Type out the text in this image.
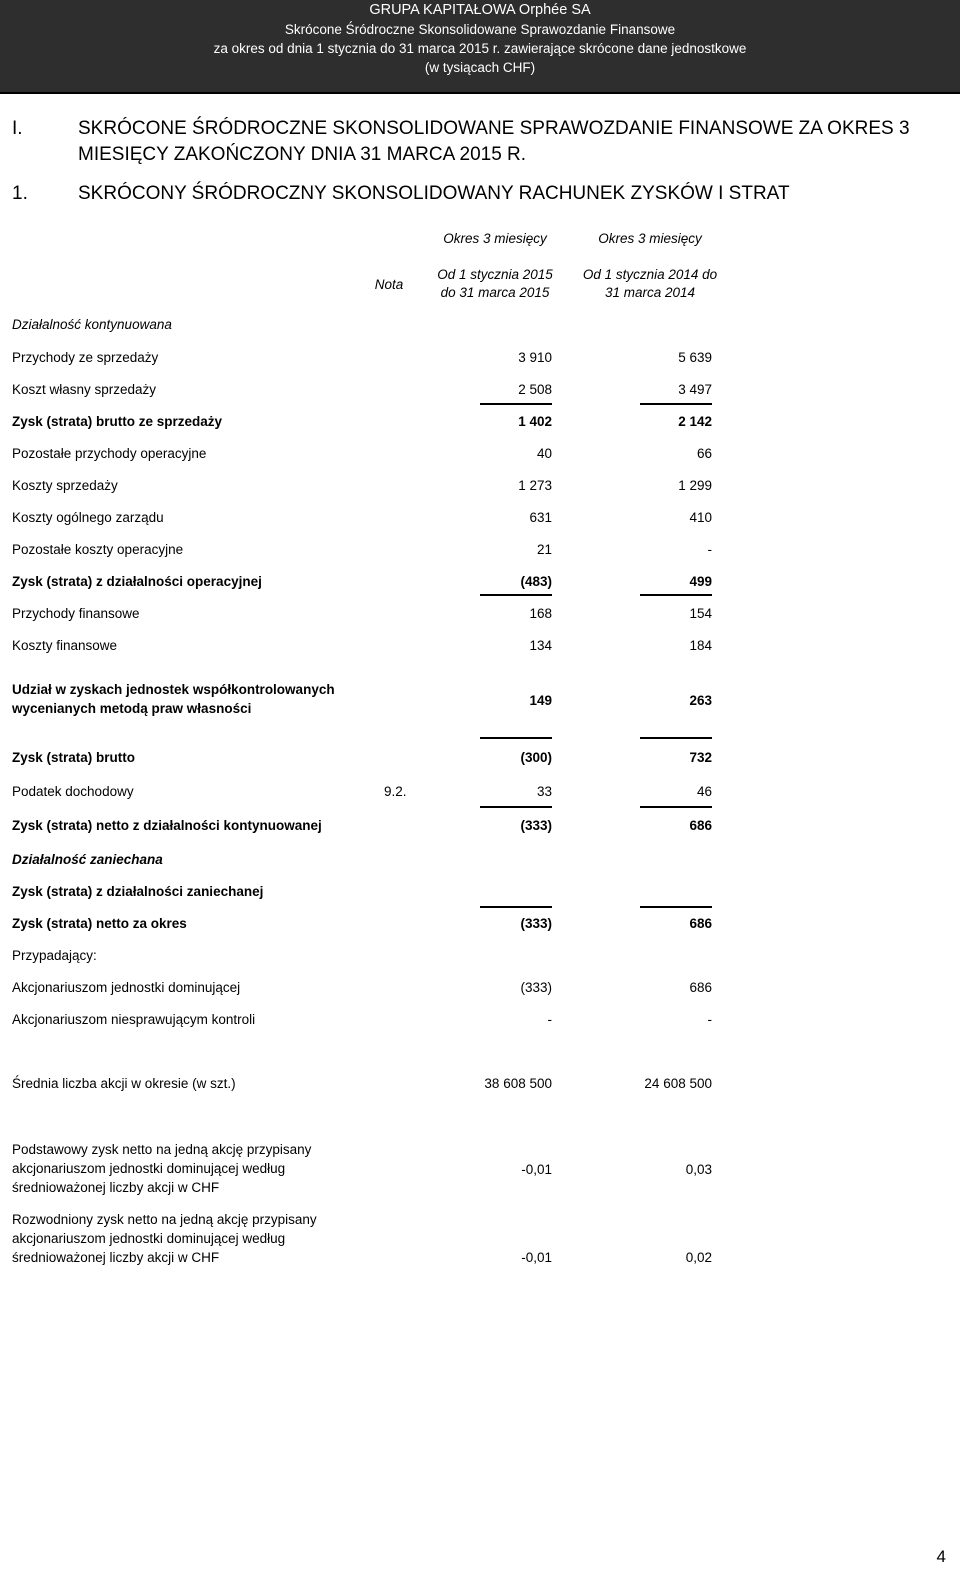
GRUPA KAPITAŁOWA Orphée SA
Skrócone Śródroczne Skonsolidowane Sprawozdanie Finansowe
za okres od dnia 1 stycznia do 31 marca 2015 r. zawierające skrócone dane jednostkowe
(w tysiącach CHF)
I.	SKRÓCONE ŚRÓDROCZNE SKONSOLIDOWANE SPRAWOZDANIE FINANSOWE ZA OKRES 3
MIESIĘCY ZAKOŃCZONY DNIA 31 MARCA 2015 R.
1.	SKRÓCONY ŚRÓDROCZNY SKONSOLIDOWANY RACHUNEK ZYSKÓW I STRAT
Okres 3 miesięcy	Okres 3 miesięcy
Nota
Od 1 stycznia 2015
do 31 marca 2015
Od 1 stycznia 2014 do
31 marca 2014
Działalność kontynuowana
Przychody ze sprzedaży	3 910	5 639
Koszt własny sprzedaży	2 508	3 497
Zysk (strata) brutto ze sprzedaży	1 402	2 142
Pozostałe przychody operacyjne	40	66
Koszty sprzedaży	1 273	1 299
Koszty ogólnego zarządu	631	410
Pozostałe koszty operacyjne	21	-
Zysk (strata) z działalności operacyjnej	(483)	499
Przychody finansowe	168	154
Koszty finansowe	134	184
Udział w zyskach jednostek współkontrolowanych
wycenianych metodą praw własności
149	263
Zysk (strata) brutto	(300)	732
Podatek dochodowy	9.2.	33	46
Zysk (strata) netto z działalności kontynuowanej	(333)	686
Działalność zaniechana
Zysk (strata) z działalności zaniechanej
Zysk (strata) netto za okres	(333)	686
Przypadający:
Akcjonariuszom jednostki dominującej	(333)	686
Akcjonariuszom niesprawującym kontroli	-	-
Średnia liczba akcji w okresie (w szt.)	38 608 500	24 608 500
Podstawowy zysk netto na jedną akcję przypisany
akcjonariuszom jednostki dominującej według
średnioważonej liczby akcji w CHF
-0,01	0,03
Rozwodniony zysk netto na jedną akcję przypisany
akcjonariuszom jednostki dominującej według
średnioważonej liczby akcji w CHF	-0,01	0,02
4
